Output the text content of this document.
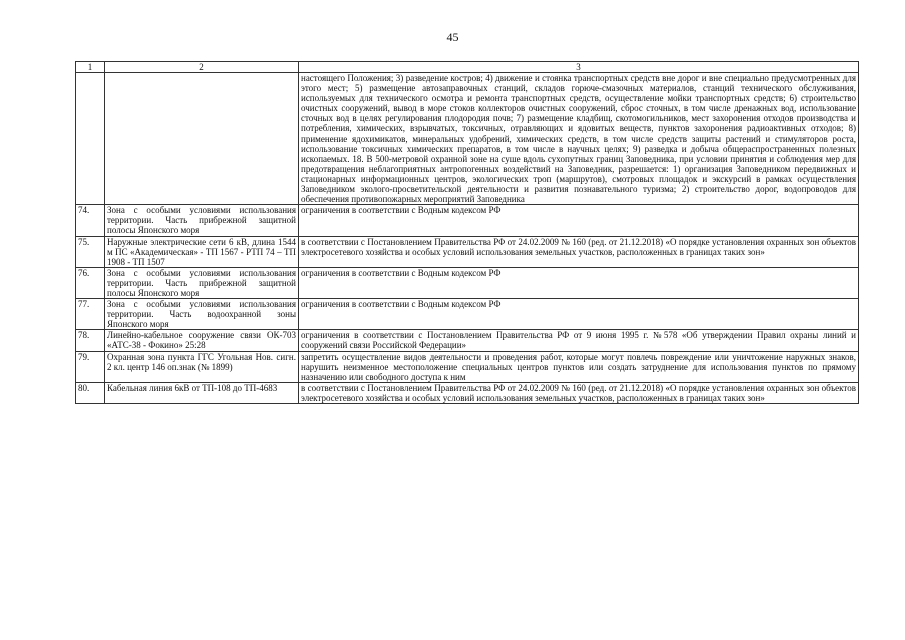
45
1	2	3
		настоящего Положения; 3) разведение костров; 4) движение и стоянка транспортных средств вне дорог и вне специально предусмотренных для этого мест; 5) размещение автозаправочных станций, складов горюче-смазочных материалов, станций технического обслуживания, используемых для технического осмотра и ремонта транспортных средств, осуществление мойки транспортных средств; 6) строительство очистных сооружений, вывод в море стоков коллекторов очистных сооружений, сброс сточных, в том числе дренажных вод, использование сточных вод в целях регулирования плодородия почв; 7) размещение кладбищ, скотомогильников, мест захоронения отходов производства и потребления, химических, взрывчатых, токсичных, отравляющих и ядовитых веществ, пунктов захоронения радиоактивных отходов; 8) применение ядохимикатов, минеральных удобрений, химических средств, в том числе средств защиты растений и стимуляторов роста, использование токсичных химических препаратов, в том числе в научных целях; 9) разведка и добыча общераспространенных полезных ископаемых. 18. В 500-метровой охранной зоне на суше вдоль сухопутных границ Заповедника, при условии принятия и соблюдения мер для предотвращения неблагоприятных антропогенных воздействий на Заповедник, разрешается: 1) организация Заповедником передвижных и стационарных информационных центров, экологических троп (маршрутов), смотровых площадок и экскурсий в рамках осуществления Заповедником эколого-просветительской деятельности и развития познавательного туризма; 2) строительство дорог, водопроводов для обеспечения противопожарных мероприятий Заповедника
74.	Зона с особыми условиями использования территории. Часть прибрежной защитной полосы Японского моря	ограничения в соответствии с Водным кодексом РФ
75.	Наружные электрические сети 6 кВ, длина 1544 м ПС «Академическая» - ТП 1567 - РТП 74 – ТП 1908 - ТП 1507	в соответствии с Постановлением Правительства РФ от 24.02.2009 № 160 (ред. от 21.12.2018) «О порядке установления охранных зон объектов электросетевого хозяйства и особых условий использования земельных участков, расположенных в границах таких зон»
76.	Зона с особыми условиями использования территории. Часть прибрежной защитной полосы Японского моря	ограничения в соответствии с Водным кодексом РФ
77.	Зона с особыми условиями использования территории. Часть водоохранной зоны Японского моря	ограничения в соответствии с Водным кодексом РФ
78.	Линейно-кабельное сооружение связи ОК-703 «АТС-38 - Фокино» 25:28	ограничения в соответствии с Постановлением Правительства РФ от 9 июня 1995 г. №578 «Об утверждении Правил охраны линий и сооружений связи Российской Федерации»
79.	Охранная зона пункта ГГС Угольная Нов. сигн. 2 кл. центр 146 оп.знак (№ 1899)	запретить осуществление видов деятельности и проведения работ, которые могут повлечь повреждение или уничтожение наружных знаков, нарушить неизменное местоположение специальных центров пунктов или создать затруднение для использования пунктов по прямому назначению или свободного доступа к ним
80.	Кабельная линия 6кВ от ТП-108 до ТП-4683	в соответствии с Постановлением Правительства РФ от 24.02.2009 № 160 (ред. от 21.12.2018) «О порядке установления охранных зон объектов электросетевого хозяйства и особых условий использования земельных участков, расположенных в границах таких зон»
